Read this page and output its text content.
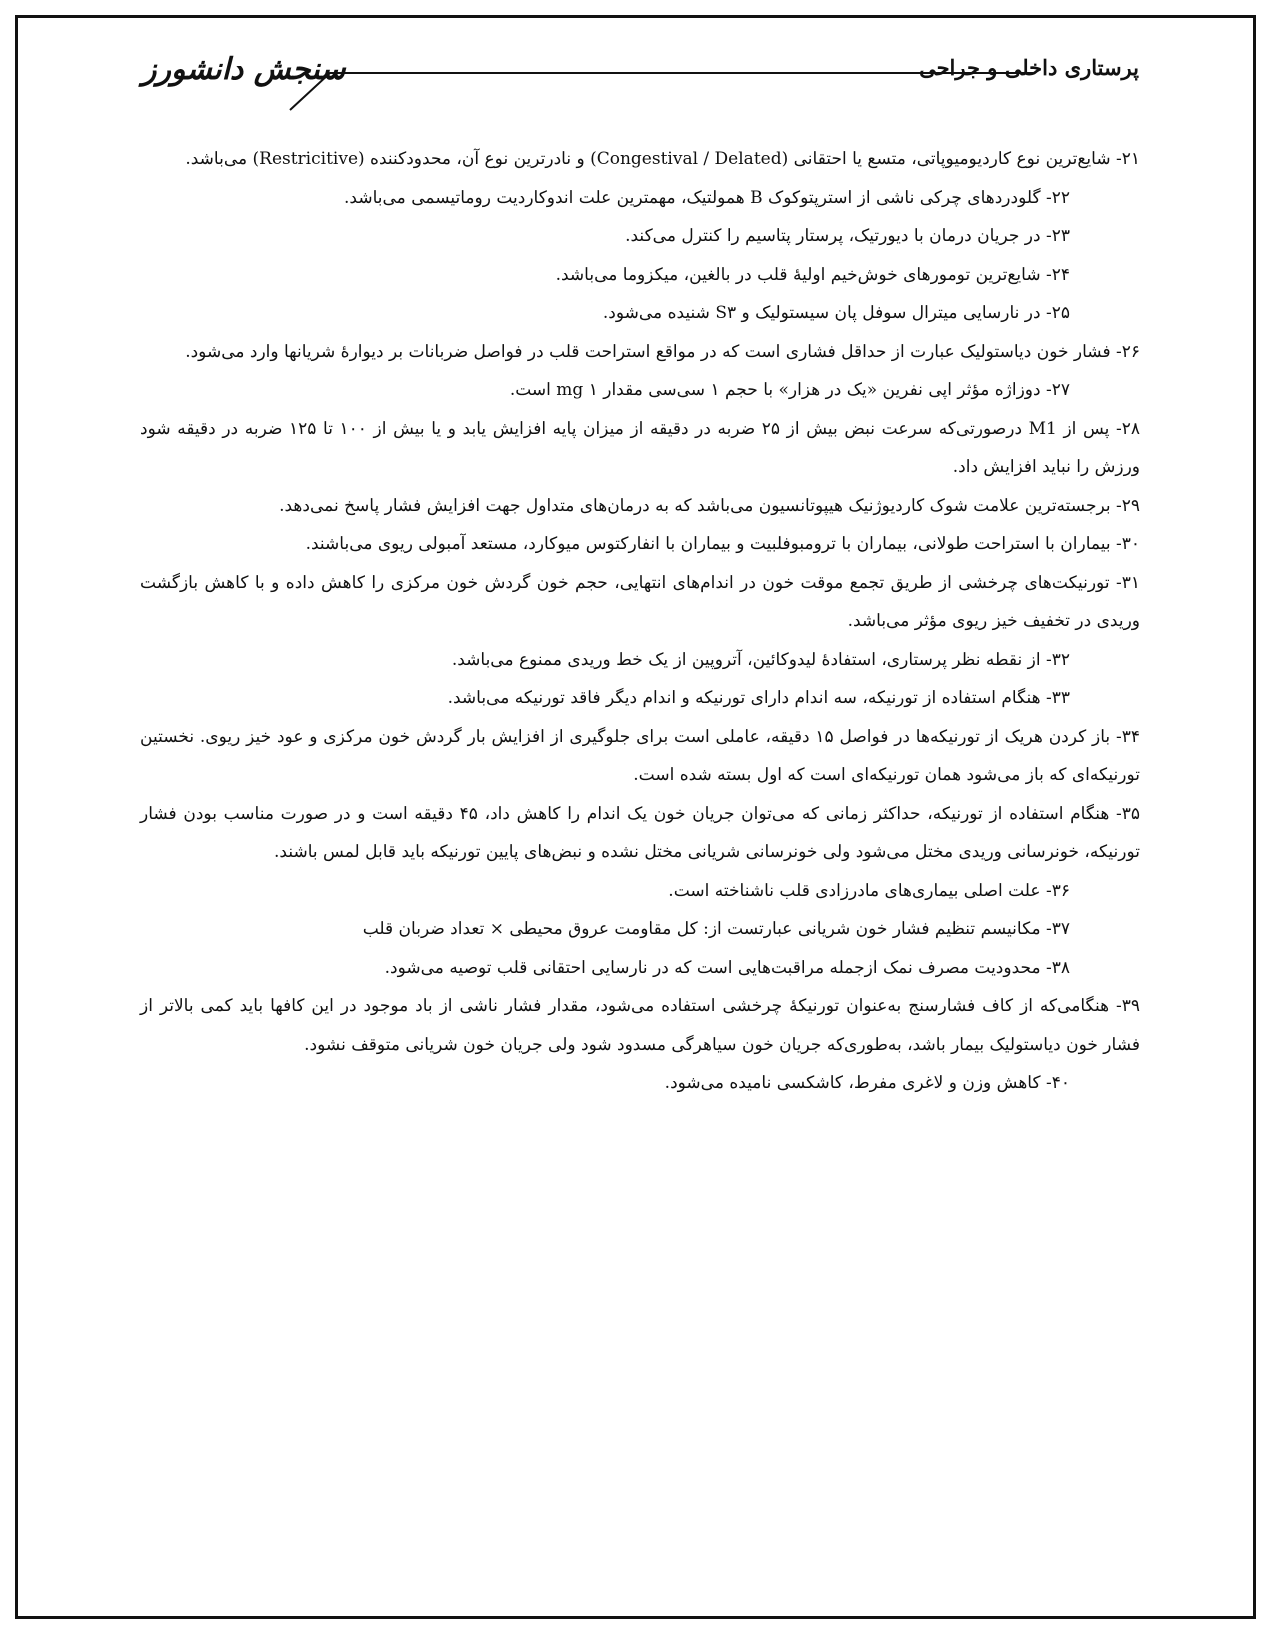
سنجش دانشورز	پرستاری داخلی و جراحی

۲۱- شایع‌ترین نوع کاردیومیوپاتی، متسع یا احتقانی (Congestival / Delated) و نادرترین نوع آن، محدودکننده (Restricitive) می‌باشد.

۲۲- گلودردهای چرکی ناشی از استرپتوکوک B همولتیک، مهمترین علت اندوکاردیت روماتیسمی می‌باشد.

۲۳- در جریان درمان با دیورتیک، پرستار پتاسیم را کنترل می‌کند.

۲۴- شایع‌ترین تومورهای خوش‌خیم اولیهٔ قلب در بالغین، میکزوما می‌باشد.

۲۵- در نارسایی میترال سوفل پان سیستولیک و S۳ شنیده می‌شود.

۲۶- فشار خون دیاستولیک عبارت از حداقل فشاری است که در مواقع استراحت قلب در فواصل ضربانات بر دیوارهٔ شریانها وارد می‌شود.

۲۷- دوزاژه مؤثر اپی نفرین «یک در هزار» با حجم ۱ سی‌سی مقدار mg ۱ است.

۲۸- پس از M1 درصورتی‌که سرعت نبض بیش از ۲۵ ضربه در دقیقه از میزان پایه افزایش یابد و یا بیش از ۱۰۰ تا ۱۲۵ ضربه در دقیقه شود ورزش را نباید افزایش داد.

۲۹- برجسته‌ترین علامت شوک کاردیوژنیک هیپوتانسیون می‌باشد که به درمان‌های متداول جهت افزایش فشار پاسخ نمی‌دهد.

۳۰- بیماران با استراحت طولانی، بیماران با ترومبوفلبیت و بیماران با انفارکتوس میوکارد، مستعد آمبولی ریوی می‌باشند.

۳۱- تورنیکت‌های چرخشی از طریق تجمع موقت خون در اندام‌های انتهایی، حجم خون گردش خون مرکزی را کاهش داده و با کاهش بازگشت وریدی در تخفیف خیز ریوی مؤثر می‌باشد.

۳۲- از نقطه نظر پرستاری، استفادهٔ لیدوکائین، آتروپین از یک خط وریدی ممنوع می‌باشد.

۳۳- هنگام استفاده از تورنیکه، سه اندام دارای تورنیکه و اندام دیگر فاقد تورنیکه می‌باشد.

۳۴- باز کردن هریک از تورنیکه‌ها در فواصل ۱۵ دقیقه، عاملی است برای جلوگیری از افزایش بار گردش خون مرکزی و عود خیز ریوی. نخستین تورنیکه‌ای که باز می‌شود همان تورنیکه‌ای است که اول بسته شده است.

۳۵- هنگام استفاده از تورنیکه، حداکثر زمانی که می‌توان جریان خون یک اندام را کاهش داد، ۴۵ دقیقه است و در صورت مناسب بودن فشار تورنیکه، خونرسانی وریدی مختل می‌شود ولی خونرسانی شریانی مختل نشده و نبض‌های پایین تورنیکه باید قابل لمس باشند.

۳۶- علت اصلی بیماری‌های مادرزادی قلب ناشناخته است.

۳۷- مکانیسم تنظیم فشار خون شریانی عبارتست از: کل مقاومت عروق محیطی × تعداد ضربان قلب

۳۸- محدودیت مصرف نمک ازجمله مراقبت‌هایی است که در نارسایی احتقانی قلب توصیه می‌شود.

۳۹- هنگامی‌که از کاف فشارسنج به‌عنوان تورنیکهٔ چرخشی استفاده می‌شود، مقدار فشار ناشی از باد موجود در این کافها باید کمی بالاتر از فشار خون دیاستولیک بیمار باشد، به‌طوری‌که جریان خون سیاهرگی مسدود شود ولی جریان خون شریانی متوقف نشود.

۴۰- کاهش وزن و لاغری مفرط، کاشکسی نامیده می‌شود.
